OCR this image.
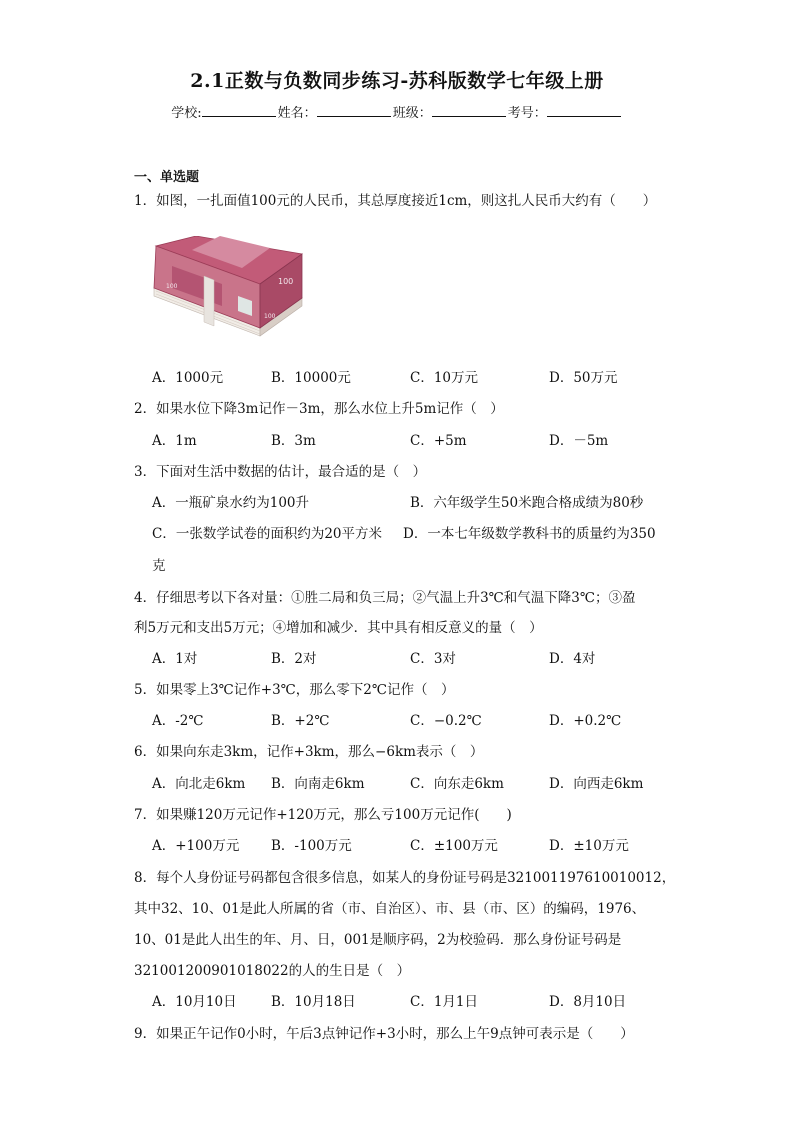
2.1正数与负数同步练习-苏科版数学七年级上册
学校:	姓名：	班级：	考号：
一、单选题
1．如图，一扎面值100元的人民币，其总厚度接近1cm，则这扎人民币大约有（　　）
100
100
100
A．1000元	B．10000元	C．10万元	D．50万元
2．如果水位下降3m记作－3m，那么水位上升5m记作（　）
A．1m	B．3m	C．+5m	D．－5m
3．下面对生活中数据的估计，最合适的是（　）
A．一瓶矿泉水约为100升	B．六年级学生50米跑合格成绩为80秒
C．一张数学试卷的面积约为20平方米 D．一本七年级数学教科书的质量约为350
克
4．仔细思考以下各对量：①胜二局和负三局；②气温上升3℃和气温下降3℃；③盈
利5万元和支出5万元；④增加和减少．其中具有相反意义的量（　）
A．1对	B．2对	C．3对	D．4对
5．如果零上3℃记作+3℃，那么零下2℃记作（　）
A．-2℃	B．+2℃	C．−0.2℃	D．+0.2℃
6．如果向东走3km，记作+3km，那么−6km表示（　）
A．向北走6km B．向南走6km	C．向东走6km	D．向西走6km
7．如果赚120万元记作+120万元，那么亏100万元记作(　　)
A．+100万元 B．-100万元	C．±100万元	D．±10万元
8．每个人身份证号码都包含很多信息，如某人的身份证号码是321001197610010012，
其中32、10、01是此人所属的省（市、自治区）、市、县（市、区）的编码，1976、
10、01是此人出生的年、月、日，001是顺序码，2为校验码．那么身份证号码是
321001200901018022的人的生日是（　）
A．10月10日	B．10月18日	C．1月1日	D．8月10日
9．如果正午记作0小时，午后3点钟记作+3小时，那么上午9点钟可表示是（　　）
